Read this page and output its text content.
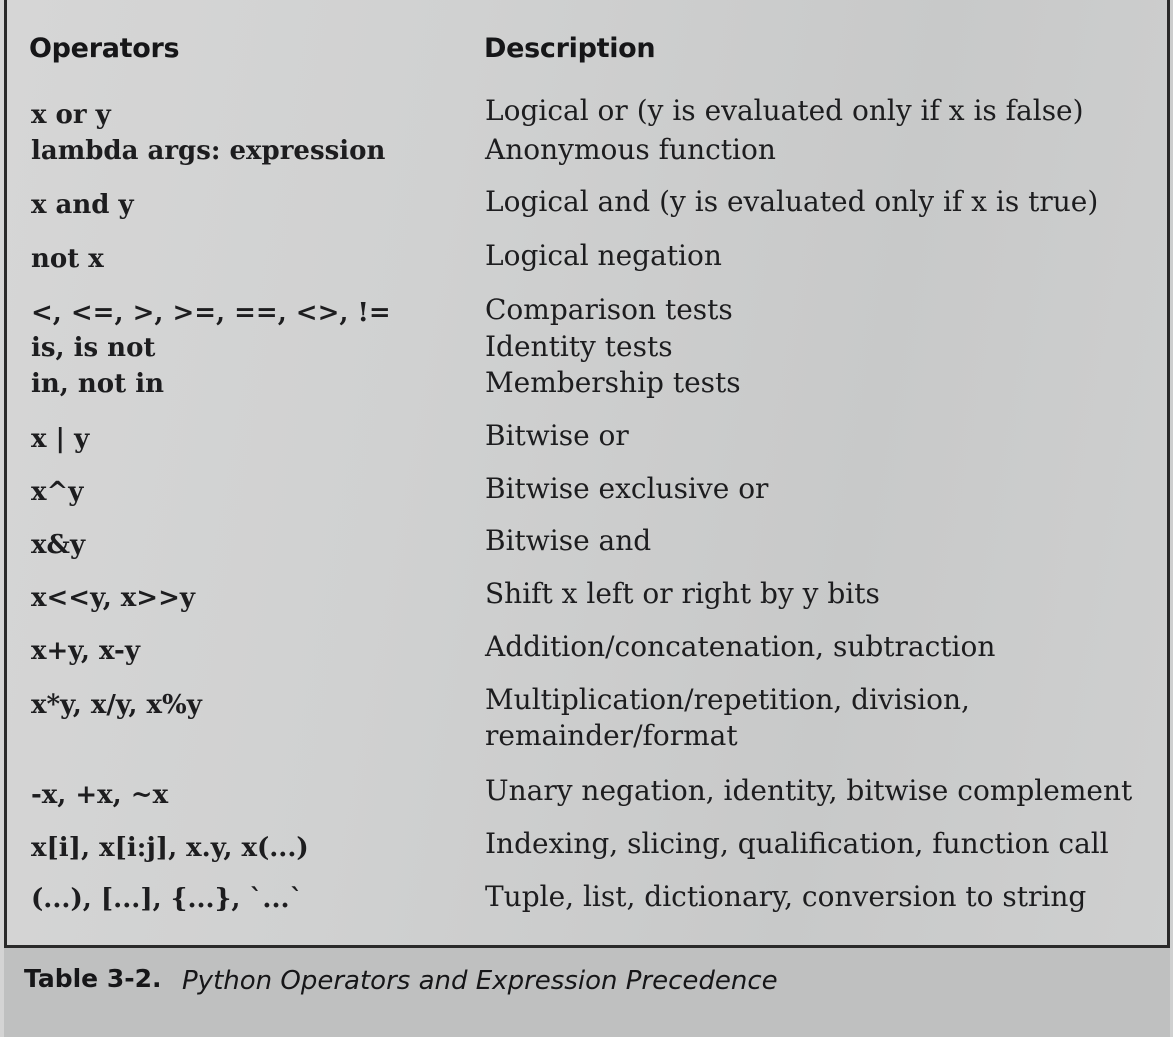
Operators	Description
x or y	Logical or (y is evaluated only if x is false)
lambda args: expression	Anonymous function
x and y	Logical and (y is evaluated only if x is true)
not x	Logical negation
<, <=, >, >=, ==, <>, !=	Comparison tests
is, is not	Identity tests
in, not in	Membership tests
x | y	Bitwise or
x^y	Bitwise exclusive or
x&y	Bitwise and
x<<y, x>>y	Shift x left or right by y bits
x+y, x-y	Addition/concatenation, subtraction
x*y, x/y, x%y	Multiplication/repetition, division,
remainder/format
-x, +x, ~x	Unary negation, identity, bitwise complement
x[i], x[i:j], x.y, x(...)	Indexing, slicing, qualification, function call
(...), [...], {...}, `...`	Tuple, list, dictionary, conversion to string
Table 3-2. Python Operators and Expression Precedence
